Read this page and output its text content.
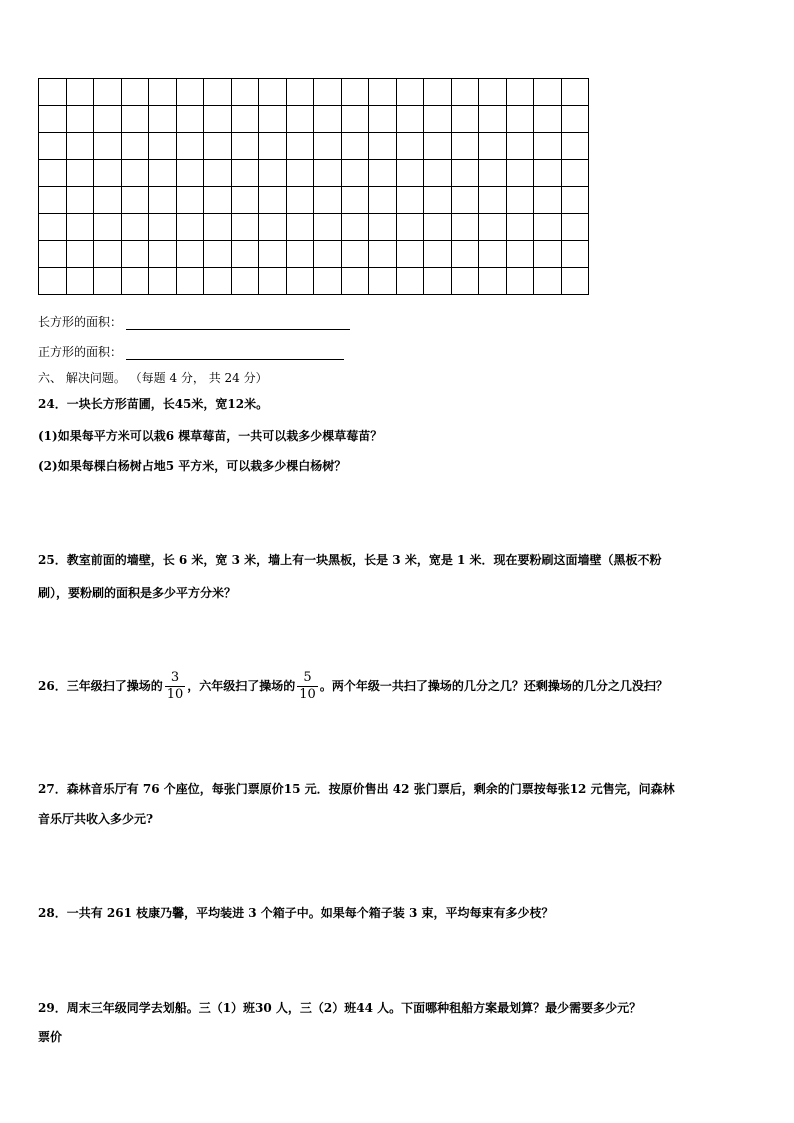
长方形的面积：
正方形的面积：
六、 解决问题。 （每题 4 分， 共 24 分）
24．一块长方形苗圃，长45米，宽12米。
(1)如果每平方米可以栽6 棵草莓苗，一共可以栽多少棵草莓苗？
(2)如果每棵白杨树占地5 平方米，可以栽多少棵白杨树？
25．教室前面的墙壁，长 6 米，宽 3 米，墙上有一块黑板，长是 3 米，宽是 1 米．现在要粉刷这面墙壁（黑板不粉
刷），要粉刷的面积是多少平方分米？
26．三年级扫了操场的 $\frac{3}{10}$ ，六年级扫了操场的 $\frac{5}{10}$ 。两个年级一共扫了操场的几分之几？还剩操场的几分之几没扫？
27．森林音乐厅有 76 个座位，每张门票原价15 元．按原价售出 42 张门票后，剩余的门票按每张12 元售完，问森林
音乐厅共收入多少元?
28．一共有 261 枝康乃馨，平均装进 3 个箱子中。如果每个箱子装 3 束，平均每束有多少枝？
29．周末三年级同学去划船。三（1）班30 人，三（2）班44 人。下面哪种租船方案最划算？最少需要多少元？
票价
